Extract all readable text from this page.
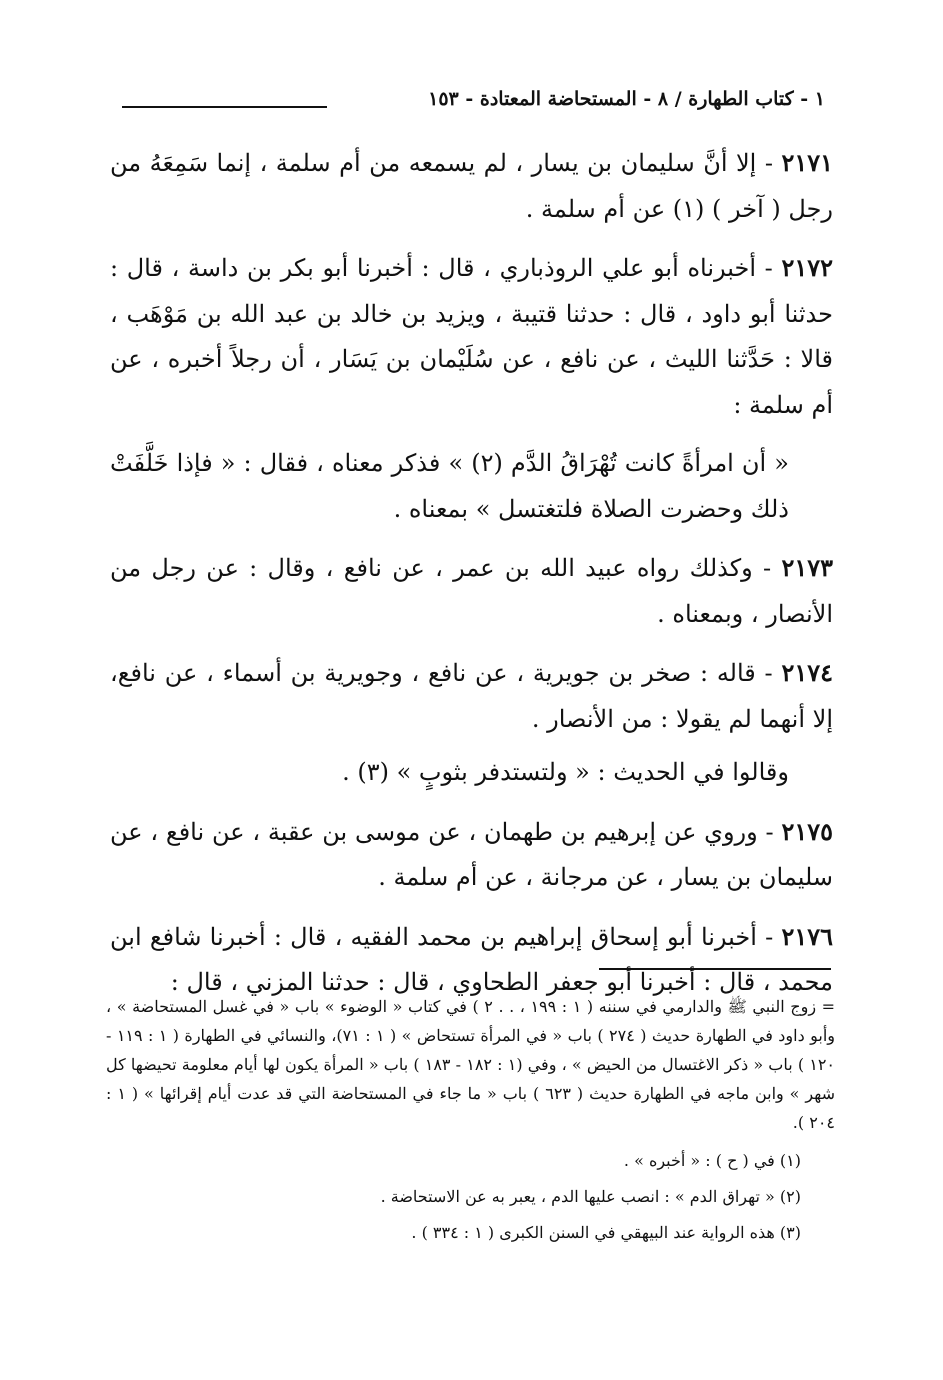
١ - كتاب الطهارة / ٨ - المستحاضة المعتادة - ١٥٣

٢١٧١ - إلا أنَّ سليمان بن يسار ، لم يسمعه من أم سلمة ، إنما سَمِعَهُ من رجل ( آخر ) (١) عن أم سلمة .

٢١٧٢ - أخبرناه أبو علي الروذباري ، قال : أخبرنا أبو بكر بن داسة ، قال : حدثنا أبو داود ، قال : حدثنا قتيبة ، ويزيد بن خالد بن عبد الله بن مَوْهَب ، قالا : حَدَّثنا الليث ، عن نافع ، عن سُلَيْمان بن يَسَار ، أن رجلاً أخبره ، عن أم سلمة :

« أن امرأةً كانت تُهْرَاقُ الدَّم (٢) » فذكر معناه ، فقال : « فإذا خَلَّفَتْ ذلك وحضرت الصلاة فلتغتسل » بمعناه .

٢١٧٣ - وكذلك رواه عبيد الله بن عمر ، عن نافع ، وقال : عن رجل من الأنصار ، وبمعناه .

٢١٧٤ - قاله : صخر بن جويرية ، عن نافع ، وجويرية بن أسماء ، عن نافع، إلا أنهما لم يقولا : من الأنصار .

وقالوا في الحديث : « ولتستدفر بثوبٍ » (٣) .

٢١٧٥ - وروي عن إبرهيم بن طهمان ، عن موسى بن عقبة ، عن نافع ، عن سليمان بن يسار ، عن مرجانة ، عن أم سلمة .

٢١٧٦ - أخبرنا أبو إسحاق إبراهيم بن محمد الفقيه ، قال : أخبرنا شافع ابن محمد ، قال : أخبرنا أبو جعفر الطحاوي ، قال : حدثنا المزني ، قال :

= زوج النبي ﷺ والدارمي في سننه ( ١ : ١٩٩ ، . . ٢ ) في كتاب « الوضوء » باب « في غسل المستحاضة » ، وأبو داود في الطهارة حديث ( ٢٧٤ ) باب « في المرأة تستحاض » ( ١ : ٧١)، والنسائي في الطهارة ( ١ : ١١٩ - ١٢٠ ) باب « ذكر الاغتسال من الحيض » ، وفي (١ : ١٨٢ - ١٨٣ ) باب « المرأة يكون لها أيام معلومة تحيضها كل شهر » وابن ماجه في الطهارة حديث ( ٦٢٣ ) باب « ما جاء في المستحاضة التي قد عدت أيام إقرائها » ( ١ : ٢٠٤ ).

(١) في ( ح ) : « أخبره » .

(٢) « تهراق الدم » : انصب عليها الدم ، يعبر به عن الاستحاضة .

(٣) هذه الرواية عند البيهقي في السنن الكبرى ( ١ : ٣٣٤ ) .
